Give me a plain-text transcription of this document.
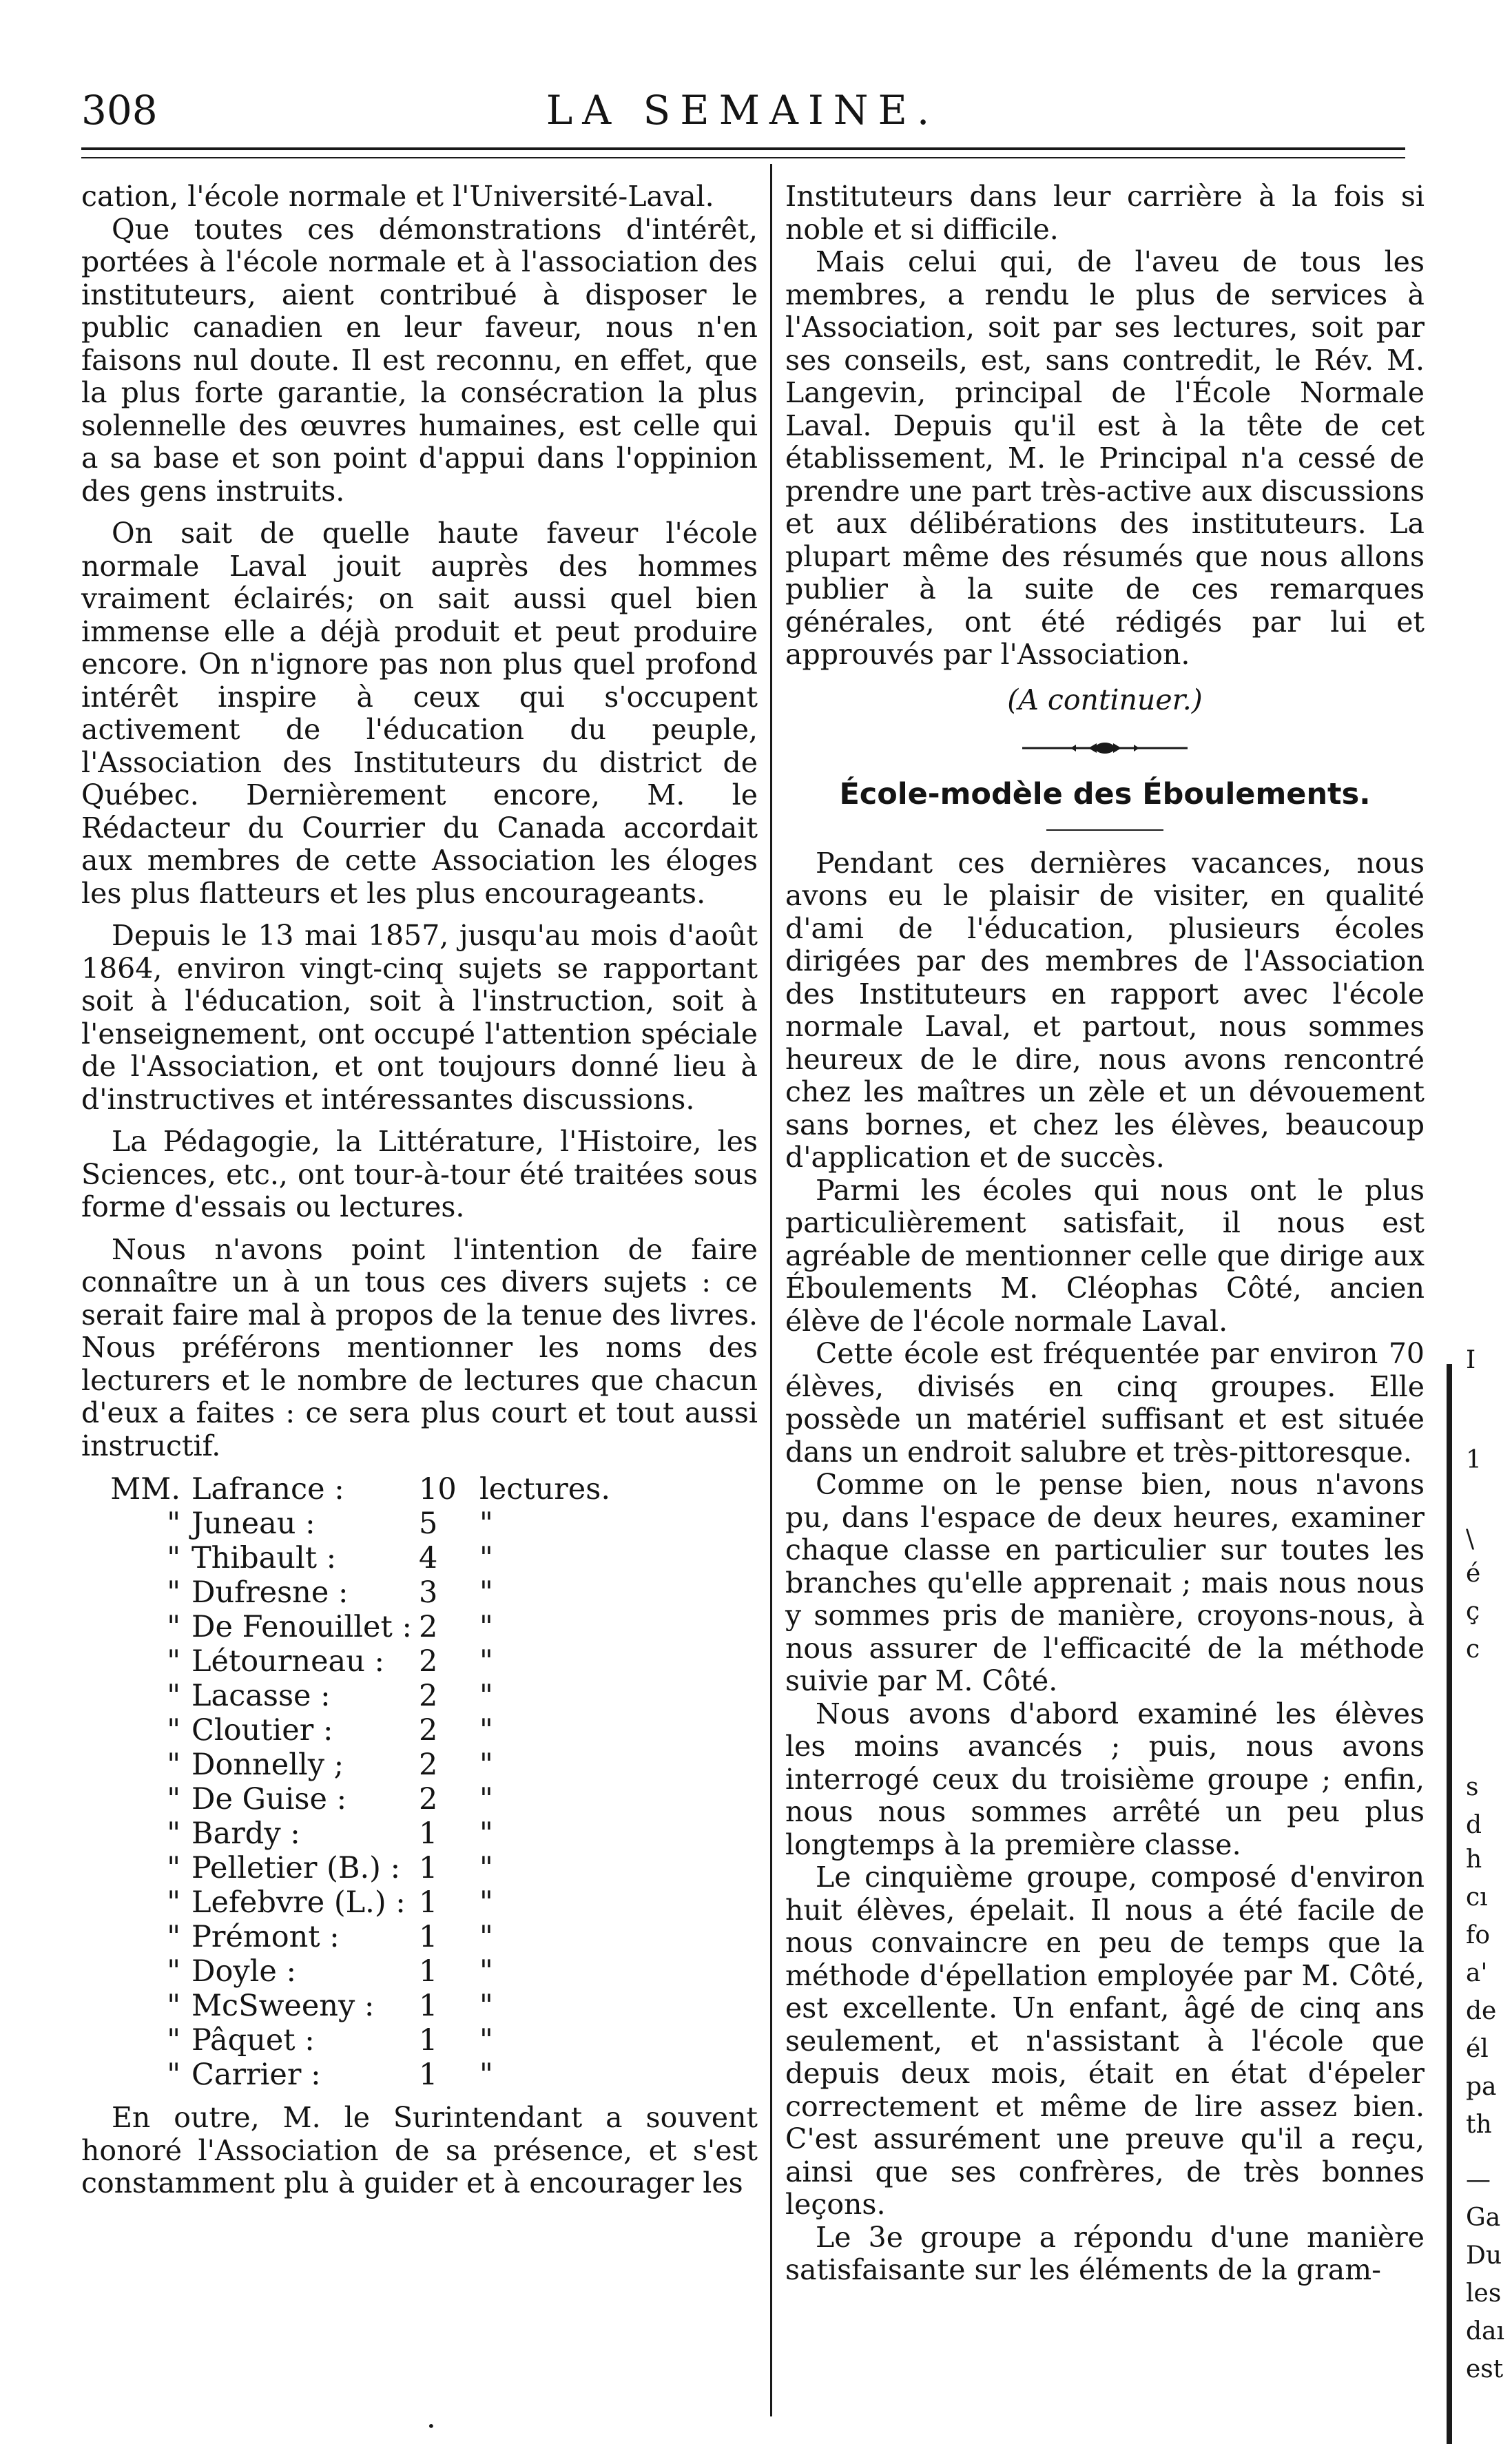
308	LA SEMAINE.

cation, l'école normale et l'Université-Laval.

Que toutes ces démonstrations d'intérêt, portées à l'école normale et à l'association des instituteurs, aient contribué à disposer le public canadien en leur faveur, nous n'en faisons nul doute. Il est reconnu, en effet, que la plus forte garantie, la consécration la plus solennelle des œuvres humaines, est celle qui a sa base et son point d'appui dans l'oppinion des gens instruits.

On sait de quelle haute faveur l'école normale Laval jouit auprès des hommes vraiment éclairés; on sait aussi quel bien immense elle a déjà produit et peut produire encore. On n'ignore pas non plus quel profond intérêt inspire à ceux qui s'occupent activement de l'éducation du peuple, l'Association des Instituteurs du district de Québec. Dernièrement encore, M. le Rédacteur du Courrier du Canada accordait aux membres de cette Association les éloges les plus flatteurs et les plus encourageants.

Depuis le 13 mai 1857, jusqu'au mois d'août 1864, environ vingt-cinq sujets se rapportant soit à l'éducation, soit à l'instruction, soit à l'enseignement, ont occupé l'attention spéciale de l'Association, et ont toujours donné lieu à d'instructives et intéressantes discussions.

La Pédagogie, la Littérature, l'Histoire, les Sciences, etc., ont tour-à-tour été traitées sous forme d'essais ou lectures.

Nous n'avons point l'intention de faire connaître un à un tous ces divers sujets : ce serait faire mal à propos de la tenue des livres. Nous préférons mentionner les noms des lecturers et le nombre de lectures que chacun d'eux a faites : ce sera plus court et tout aussi instructif.

MM. Lafrance :	10 lectures.
" Juneau :	5	"
" Thibault :	4	"
" Dufresne :	3	"
" De Fenouillet : 2	"
" Létourneau :	2	"
" Lacasse :	2	"
" Cloutier :	2	"
" Donnelly ;	2	"
" De Guise :	2	"
" Bardy :	1	"
" Pelletier (B.) : 1	"
" Lefebvre (L.) : 1	"
" Prémont :	1	"
" Doyle :	1	"
" McSweeny :	1	"
" Pâquet :	1	"
" Carrier :	1	"

En outre, M. le Surintendant a souvent honoré l'Association de sa présence, et s'est constamment plu à guider et à encourager les

Instituteurs dans leur carrière à la fois si noble et si difficile.

Mais celui qui, de l'aveu de tous les membres, a rendu le plus de services à l'Association, soit par ses lectures, soit par ses conseils, est, sans contredit, le Rév. M. Langevin, principal de l'École Normale Laval. Depuis qu'il est à la tête de cet établissement, M. le Principal n'a cessé de prendre une part très-active aux discussions et aux délibérations des instituteurs. La plupart même des résumés que nous allons publier à la suite de ces remarques générales, ont été rédigés par lui et approuvés par l'Association.

(A continuer.)
École-modèle des Éboulements.

Pendant ces dernières vacances, nous avons eu le plaisir de visiter, en qualité d'ami de l'éducation, plusieurs écoles dirigées par des membres de l'Association des Instituteurs en rapport avec l'école normale Laval, et partout, nous sommes heureux de le dire, nous avons rencontré chez les maîtres un zèle et un dévouement sans bornes, et chez les élèves, beaucoup d'application et de succès.

Parmi les écoles qui nous ont le plus particulièrement satisfait, il nous est agréable de mentionner celle que dirige aux Éboulements M. Cléophas Côté, ancien élève de l'école normale Laval.

Cette école est fréquentée par environ 70 élèves, divisés en cinq groupes. Elle possède un matériel suffisant et est située dans un endroit salubre et très-pittoresque.

Comme on le pense bien, nous n'avons pu, dans l'espace de deux heures, examiner chaque classe en particulier sur toutes les branches qu'elle apprenait ; mais nous nous y sommes pris de manière, croyons-nous, à nous assurer de l'efficacité de la méthode suivie par M. Côté.

Nous avons d'abord examiné les élèves les moins avancés ; puis, nous avons interrogé ceux du troisième groupe ; enfin, nous nous sommes arrêté un peu plus longtemps à la première classe.

Le cinquième groupe, composé d'environ huit élèves, épelait. Il nous a été facile de nous convaincre en peu de temps que la méthode d'épellation employée par M. Côté, est excellente. Un enfant, âgé de cinq ans seulement, et n'assistant à l'école que depuis deux mois, était en état d'épeler correctement et même de lire assez bien. C'est assurément une preuve qu'il a reçu, ainsi que ses confrères, de très bonnes leçons.

Le 3e groupe a répondu d'une manière satisfaisante sur les éléments de la gram-

I
1
\
é
ç
c
s
d
h
cı
fo
a'
de
él
pa
th
—
Ga
Du
les
daı
est
•
